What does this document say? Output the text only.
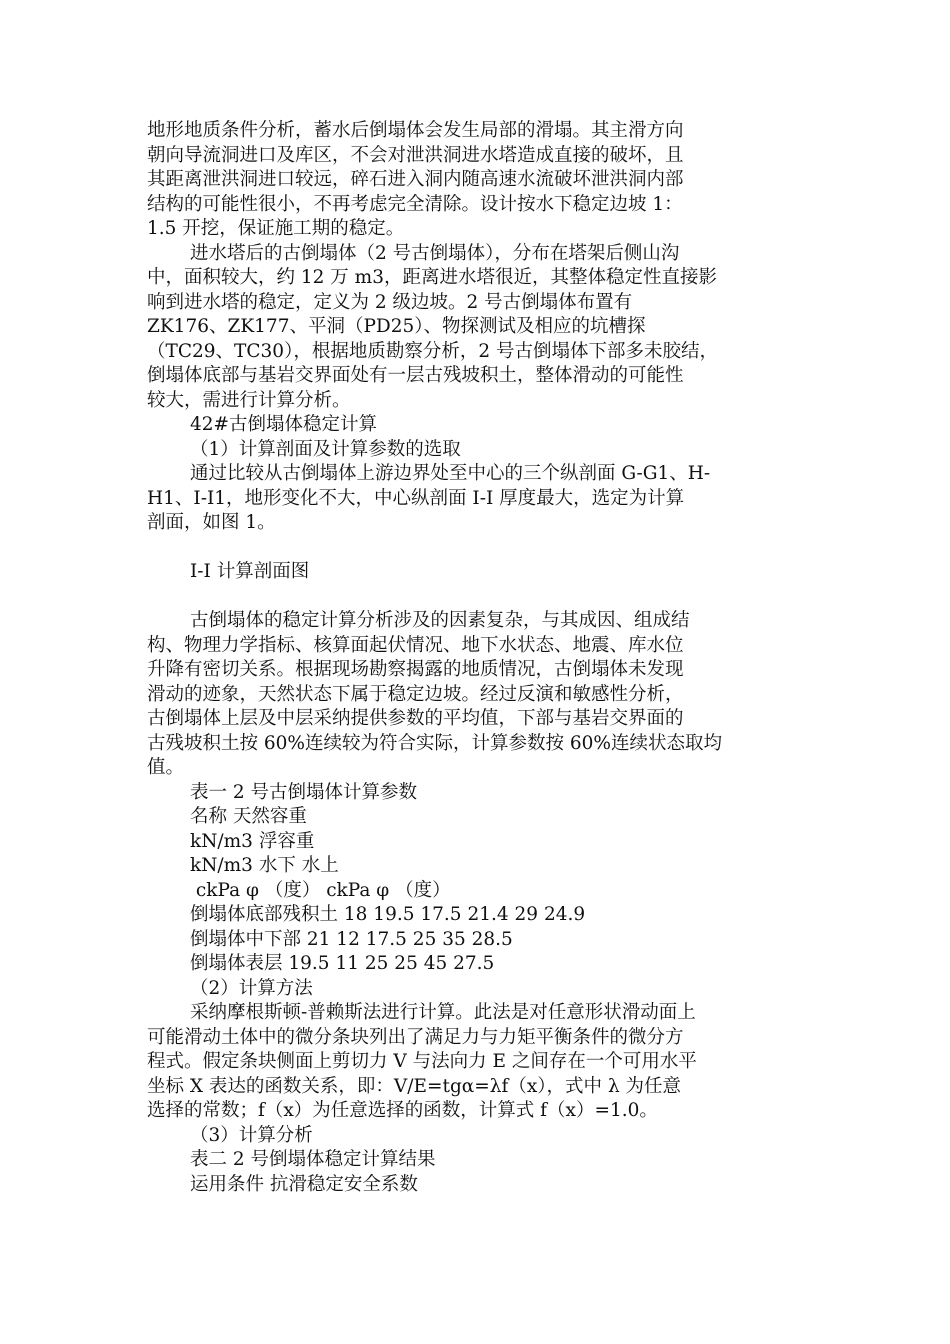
地形地质条件分析，蓄水后倒塌体会发生局部的滑塌。其主滑方向
朝向导流洞进口及库区，不会对泄洪洞进水塔造成直接的破坏，且
其距离泄洪洞进口较远，碎石进入洞内随高速水流破坏泄洪洞内部
结构的可能性很小，不再考虑完全清除。设计按水下稳定边坡 1：
1.5 开挖，保证施工期的稳定。
进水塔后的古倒塌体（2 号古倒塌体），分布在塔架后侧山沟
中，面积较大，约 12 万 m3，距离进水塔很近，其整体稳定性直接影
响到进水塔的稳定，定义为 2 级边坡。2 号古倒塌体布置有
ZK176、ZK177、平洞（PD25）、物探测试及相应的坑槽探
（TC29、TC30），根据地质勘察分析，2 号古倒塌体下部多未胶结，
倒塌体底部与基岩交界面处有一层古残坡积土，整体滑动的可能性
较大，需进行计算分析。
42#古倒塌体稳定计算
（1）计算剖面及计算参数的选取
通过比较从古倒塌体上游边界处至中心的三个纵剖面 G-G1、H-
H1、I-I1，地形变化不大，中心纵剖面 I-I 厚度最大，选定为计算
剖面，如图 1。
I-I 计算剖面图
古倒塌体的稳定计算分析涉及的因素复杂，与其成因、组成结
构、物理力学指标、核算面起伏情况、地下水状态、地震、库水位
升降有密切关系。根据现场勘察揭露的地质情况，古倒塌体未发现
滑动的迹象，天然状态下属于稳定边坡。经过反演和敏感性分析，
古倒塌体上层及中层采纳提供参数的平均值，下部与基岩交界面的
古残坡积土按 60%连续较为符合实际，计算参数按 60%连续状态取均
值。
表一 2 号古倒塌体计算参数
名称 天然容重
kN/m3 浮容重
kN/m3 水下 水上
ckPa φ （度） ckPa φ （度）
倒塌体底部残积土 18 19.5 17.5 21.4 29 24.9
倒塌体中下部 21 12 17.5 25 35 28.5
倒塌体表层 19.5 11 25 25 45 27.5
（2）计算方法
采纳摩根斯顿-普赖斯法进行计算。此法是对任意形状滑动面上
可能滑动土体中的微分条块列出了满足力与力矩平衡条件的微分方
程式。假定条块侧面上剪切力 V 与法向力 E 之间存在一个可用水平
坐标 X 表达的函数关系，即：V/E=tgα=λf（x），式中 λ 为任意
选择的常数；f（x）为任意选择的函数，计算式 f（x）=1.0。
（3）计算分析
表二 2 号倒塌体稳定计算结果
运用条件 抗滑稳定安全系数
